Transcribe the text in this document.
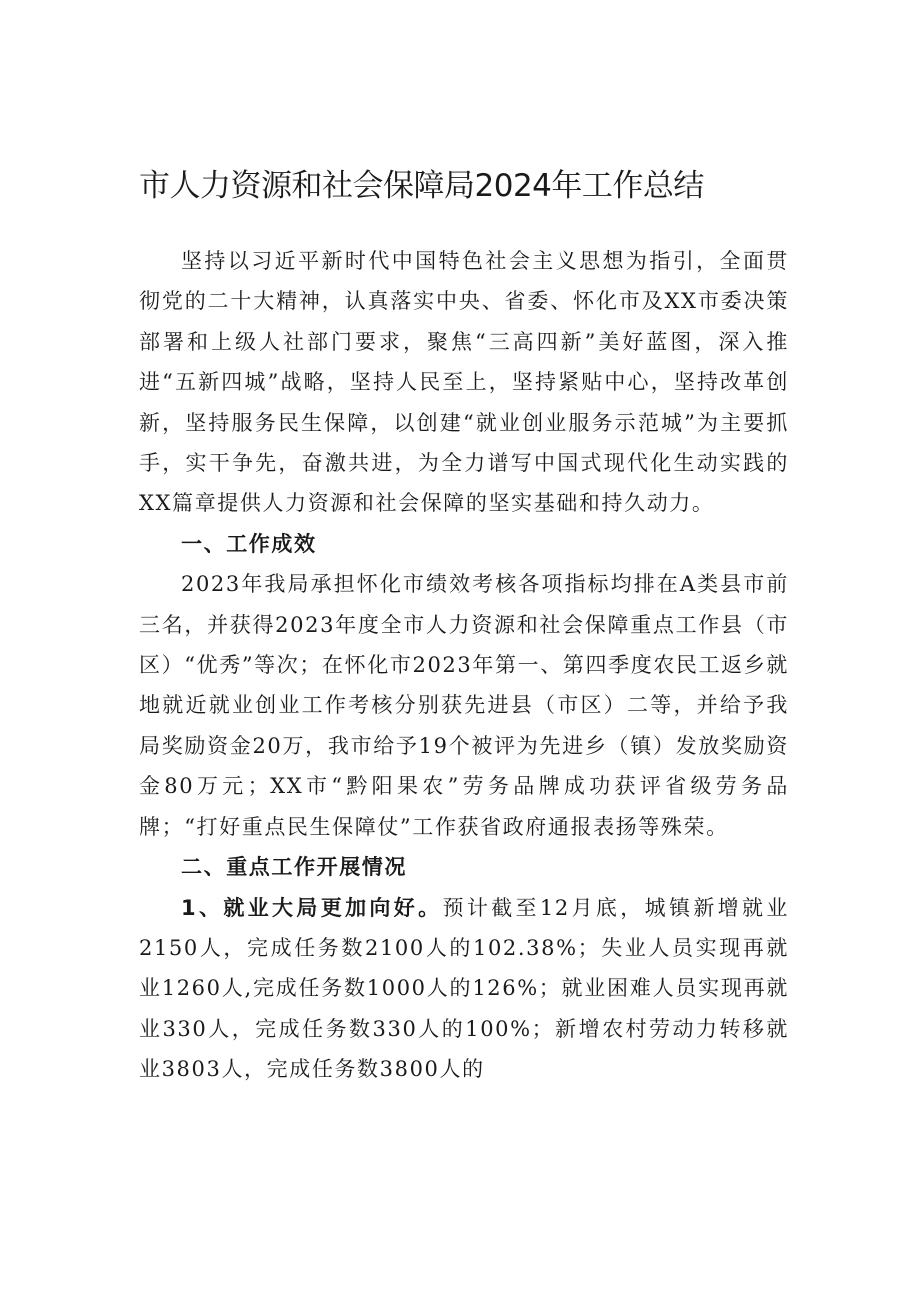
市人力资源和社会保障局2024年工作总结

坚持以习近平新时代中国特色社会主义思想为指引，全面贯彻党的二十大精神，认真落实中央、省委、怀化市及XX市委决策部署和上级人社部门要求，聚焦“三高四新”美好蓝图，深入推进“五新四城”战略，坚持人民至上，坚持紧贴中心，坚持改革创新，坚持服务民生保障，以创建“就业创业服务示范城”为主要抓手，实干争先，奋激共进，为全力谱写中国式现代化生动实践的XX篇章提供人力资源和社会保障的坚实基础和持久动力。

一、工作成效

2023年我局承担怀化市绩效考核各项指标均排在A类县市前三名，并获得2023年度全市人力资源和社会保障重点工作县（市区）“优秀”等次；在怀化市2023年第一、第四季度农民工返乡就地就近就业创业工作考核分别获先进县（市区）二等，并给予我局奖励资金20万，我市给予19个被评为先进乡（镇）发放奖励资金80万元；XX市“黔阳果农”劳务品牌成功获评省级劳务品牌；“打好重点民生保障仗”工作获省政府通报表扬等殊荣。

二、重点工作开展情况

1、就业大局更加向好。预计截至12月底，城镇新增就业2150人，完成任务数2100人的102.38%；失业人员实现再就业1260人,完成任务数1000人的126%；就业困难人员实现再就业330人，完成任务数330人的100%；新增农村劳动力转移就业3803人，完成任务数3800人的
